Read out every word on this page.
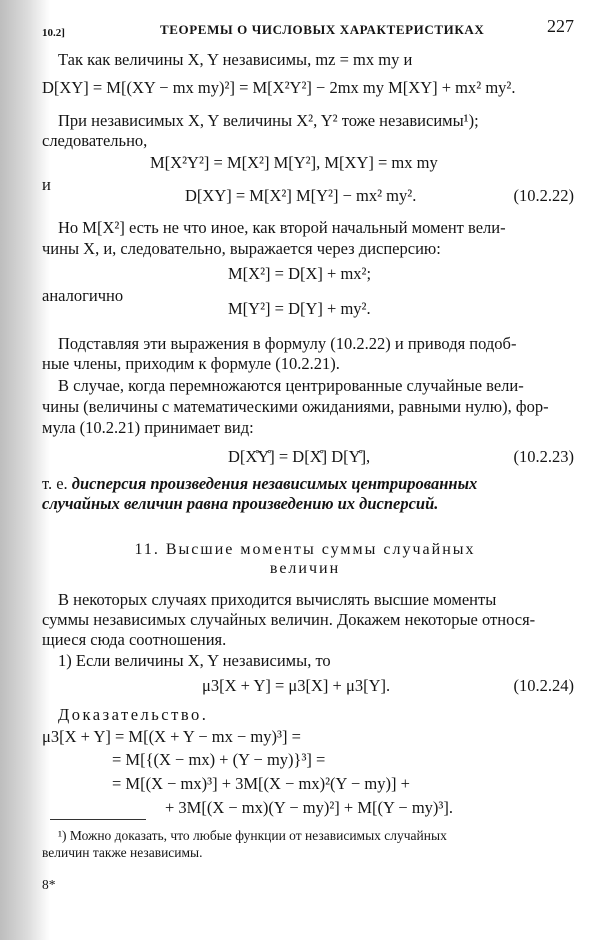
10.2]	ТЕОРЕМЫ О ЧИСЛОВЫХ ХАРАКТЕРИСТИКАХ	227
Так как величины X, Y независимы, mz = mx my и
D[XY] = M[(XY − mx my)²] = M[X²Y²] − 2mx my M[XY] + mx² my².
При независимых X, Y величины X², Y² тоже независимы¹);
следовательно,
M[X²Y²] = M[X²] M[Y²], M[XY] = mx my
и
D[XY] = M[X²] M[Y²] − mx² my².	(10.2.22)
Но M[X²] есть не что иное, как второй начальный момент вели-
чины X, и, следовательно, выражается через дисперсию:
M[X²] = D[X] + mx²;
аналогично
M[Y²] = D[Y] + my².
Подставляя эти выражения в формулу (10.2.22) и приводя подоб-
ные члены, приходим к формуле (10.2.21).
В случае, когда перемножаются центрированные случайные вели-
чины (величины с математическими ожиданиями, равными нулю), фор-
мула (10.2.21) принимает вид:
D[X̊Y̊] = D[X̊] D[Y̊],	(10.2.23)
т. е. дисперсия произведения независимых центрированных
случайных величин равна произведению их дисперсий.
11. Высшие моменты суммы случайных
величин
В некоторых случаях приходится вычислять высшие моменты
суммы независимых случайных величин. Докажем некоторые относя-
щиеся сюда соотношения.
1) Если величины X, Y независимы, то
μ3[X + Y] = μ3[X] + μ3[Y].	(10.2.24)
Доказательство.
μ3[X + Y] = M[(X + Y − mx − my)³] =
= M[{(X − mx) + (Y − my)}³] =
= M[(X − mx)³] + 3M[(X − mx)²(Y − my)] +
+ 3M[(X − mx)(Y − my)²] + M[(Y − my)³].
¹) Можно доказать, что любые функции от независимых случайных
величин также независимы.
8*
